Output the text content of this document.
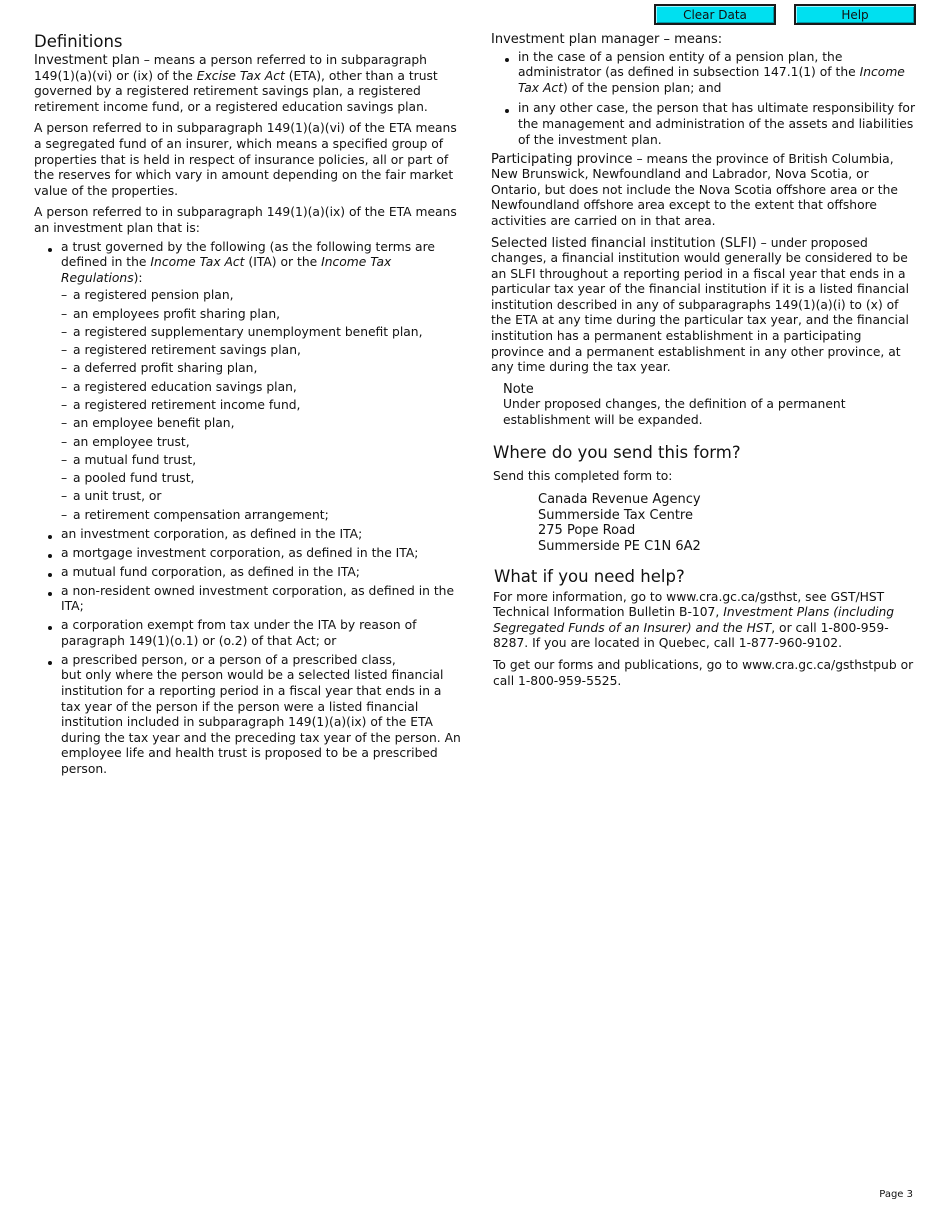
Clear Data	Help
Definitions

Investment plan – means a person referred to in subparagraph 149(1)(a)(vi) or (ix) of the Excise Tax Act (ETA), other than a trust governed by a registered retirement savings plan, a registered retirement income fund, or a registered education savings plan.

A person referred to in subparagraph 149(1)(a)(vi) of the ETA means a segregated fund of an insurer, which means a specified group of properties that is held in respect of insurance policies, all or part of the reserves for which vary in amount depending on the fair market value of the properties.

A person referred to in subparagraph 149(1)(a)(ix) of the ETA means an investment plan that is:

a trust governed by the following (as the following terms are defined in the Income Tax Act (ITA) or the Income Tax Regulations):
– a registered pension plan,
– an employees profit sharing plan,
– a registered supplementary unemployment benefit plan,
– a registered retirement savings plan,
– a deferred profit sharing plan,
– a registered education savings plan,
– a registered retirement income fund,
– an employee benefit plan,
– an employee trust,
– a mutual fund trust,
– a pooled fund trust,
– a unit trust, or
– a retirement compensation arrangement;
an investment corporation, as defined in the ITA;
a mortgage investment corporation, as defined in the ITA;
a mutual fund corporation, as defined in the ITA;
a non-resident owned investment corporation, as defined in the ITA;
a corporation exempt from tax under the ITA by reason of paragraph 149(1)(o.1) or (o.2) of that Act; or
a prescribed person, or a person of a prescribed class,
but only where the person would be a selected listed financial institution for a reporting period in a fiscal year that ends in a tax year of the person if the person were a listed financial institution included in subparagraph 149(1)(a)(ix) of the ETA during the tax year and the preceding tax year of the person. An employee life and health trust is proposed to be a prescribed person.

Investment plan manager – means:

in the case of a pension entity of a pension plan, the administrator (as defined in subsection 147.1(1) of the Income Tax Act) of the pension plan; and
in any other case, the person that has ultimate responsibility for the management and administration of the assets and liabilities of the investment plan.

Participating province – means the province of British Columbia, New Brunswick, Newfoundland and Labrador, Nova Scotia, or Ontario, but does not include the Nova Scotia offshore area or the Newfoundland offshore area except to the extent that offshore activities are carried on in that area.

Selected listed financial institution (SLFI) – under proposed changes, a financial institution would generally be considered to be an SLFI throughout a reporting period in a fiscal year that ends in a particular tax year of the financial institution if it is a listed financial institution described in any of subparagraphs 149(1)(a)(i) to (x) of the ETA at any time during the particular tax year, and the financial institution has a permanent establishment in a participating province and a permanent establishment in any other province, at any time during the tax year.

Note
Under proposed changes, the definition of a permanent establishment will be expanded.
Where do you send this form?
Send this completed form to:
Canada Revenue Agency
Summerside Tax Centre
275 Pope Road
Summerside PE C1N 6A2
What if you need help?

For more information, go to www.cra.gc.ca/gsthst, see GST/HST Technical Information Bulletin B-107, Investment Plans (including Segregated Funds of an Insurer) and the HST, or call 1-800-959-8287. If you are located in Quebec, call 1-877-960-9102.

To get our forms and publications, go to www.cra.gc.ca/gsthstpub or call 1-800-959-5525.

Page 3
